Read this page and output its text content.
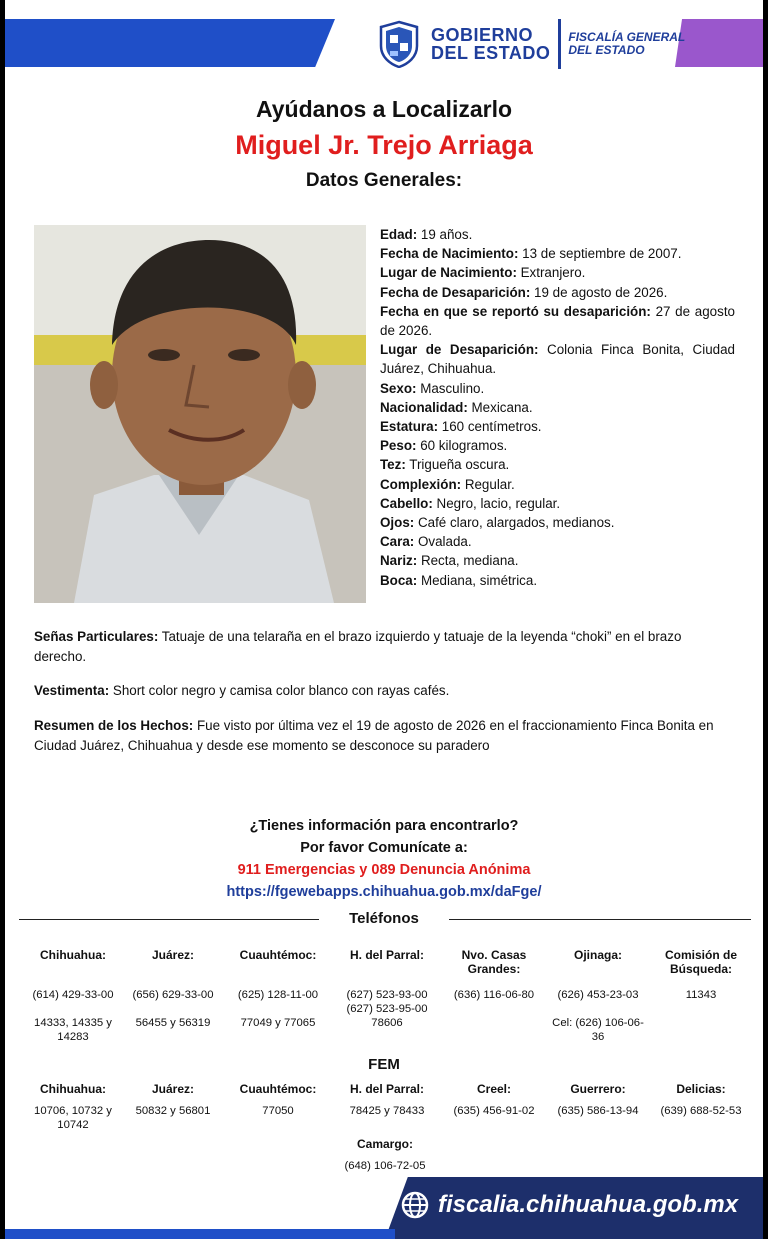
GOBIERNO
DEL ESTADO
FISCALÍA GENERAL
DEL ESTADO
Ayúdanos a Localizarlo
Miguel Jr. Trejo Arriaga
Datos Generales:

Edad: 19 años.

Fecha de Nacimiento: 13 de septiembre de 2007.

Lugar de Nacimiento: Extranjero.

Fecha de Desaparición: 19 de agosto de 2026.

Fecha en que se reportó su desaparición: 27 de agosto de 2026.

Lugar de Desaparición: Colonia Finca Bonita, Ciudad Juárez, Chihuahua.

Sexo: Masculino.

Nacionalidad: Mexicana.

Estatura: 160 centímetros.

Peso: 60 kilogramos.

Tez: Trigueña oscura.

Complexión: Regular.

Cabello: Negro, lacio, regular.

Ojos: Café claro, alargados, medianos.

Cara: Ovalada.

Nariz: Recta, mediana.

Boca: Mediana, simétrica.

Señas Particulares: Tatuaje de una telaraña en el brazo izquierdo y tatuaje de la leyenda “choki” en el brazo derecho.
Vestimenta: Short color negro y camisa color blanco con rayas cafés.
Resumen de los Hechos: Fue visto por última vez el 19 de agosto de 2026 en el fraccionamiento Finca Bonita en Ciudad Juárez, Chihuahua y desde ese momento se desconoce su paradero
¿Tienes información para encontrarlo?
Por favor Comunícate a:
911 Emergencias y 089 Denuncia Anónima
https://fgewebapps.chihuahua.gob.mx/daFge/
Teléfonos
Chihuahua:
(614) 429-33-00
14333, 14335 y 14283
Juárez:
(656) 629-33-00
56455 y 56319
Cuauhtémoc:
(625) 128-11-00
77049 y 77065
H. del Parral:
(627) 523-93-00 (627) 523-95-00
78606
Nvo. Casas Grandes:
(636) 116-06-80
Ojinaga:
(626) 453-23-03
Cel: (626) 106-06-36
Comisión de Búsqueda:
11343
FEM
Chihuahua:
10706, 10732 y 10742
Juárez:
50832 y 56801
Cuauhtémoc:
77050
H. del Parral:
78425 y 78433
Creel:
(635) 456-91-02
Guerrero:
(635) 586-13-94
Delicias:
(639) 688-52-53
Camargo:
(648) 106-72-05
fiscalia.chihuahua.gob.mx
